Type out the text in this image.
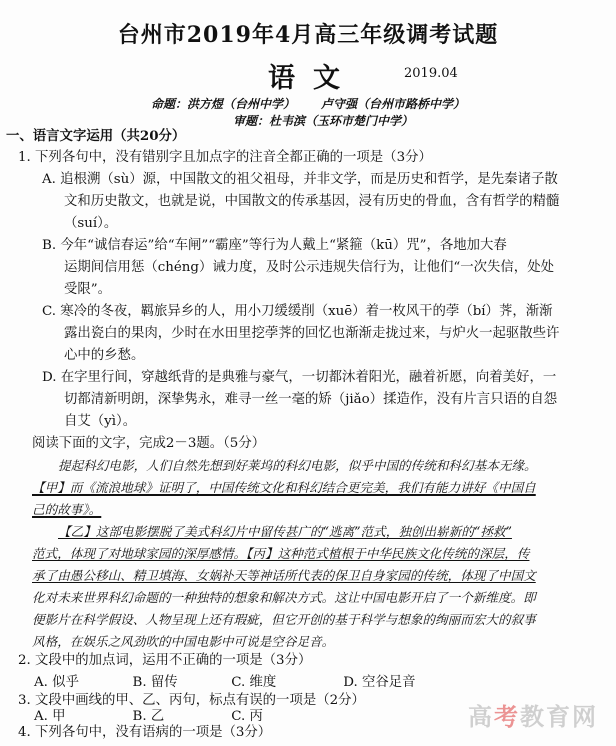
台州市2019年4月高三年级调考试题
语文	2019.04
命题：洪方煜（台州中学） 卢守强（台州市路桥中学）
审题：杜韦滨（玉环市楚门中学）
一、语言文字运用（共20分）
1. 下列各句中，没有错别字且加点字的注音全都正确的一项是（3分）
A. 追根溯（sù）源，中国散文的祖父祖母，并非文学，而是历史和哲学，是先秦诸子散
文和历史散文，也就是说，中国散文的传承基因，浸有历史的骨血，含有哲学的精髓
（suí）。
B. 今年“诚信春运”给“车闸”“霸座”等行为人戴上“紧箍（kū）咒”，各地加大春
运期间信用惩（chéng）诫力度，及时公示违规失信行为，让他们“一次失信，处处
受限”。
C. 寒冷的冬夜，羁旅异乡的人，用小刀缓缓削（xuē）着一枚风干的荸（bí）荠，渐渐
露出瓷白的果肉，少时在水田里挖荸荠的回忆也渐渐走拢过来，与炉火一起驱散些许
心中的乡愁。
D. 在字里行间，穿越纸背的是典雅与豪气，一切都沐着阳光，融着祈愿，向着美好，一
切都清新明朗，深挚隽永，难寻一丝一毫的矫（jiǎo）揉造作，没有片言只语的自怨
自艾（yì）。
阅读下面的文字，完成2－3题。（5分）
提起科幻电影，人们自然先想到好莱坞的科幻电影，似乎中国的传统和科幻基本无缘。
【甲】而《流浪地球》证明了，中国传统文化和科幻结合更完美，我们有能力讲好《中国自
己的故事》。
【乙】这部电影摆脱了美式科幻片中留传甚广的“逃离”范式，独创出崭新的“拯救”
范式，体现了对地球家园的深厚感情。【丙】这种范式植根于中华民族文化传统的深层，传
承了由愚公移山、精卫填海、女娲补天等神话所代表的保卫自身家园的传统，体现了中国文
化对未来世界科幻命题的一种独特的想象和解决方式。这让中国电影开启了一个新维度。即
便影片在科学假设、人物呈现上还有瑕疵，但它开创的基于科学与想象的绚丽而宏大的叙事
风格，在娱乐之风劲吹的中国电影中可说是空谷足音。
2. 文段中的加点词，运用不正确的一项是（3分）
A. 似乎　　　　B. 留传　　　　C. 维度　　　　　D. 空谷足音
3. 文段中画线的甲、乙、丙句，标点有误的一项是（2分）
A. 甲　　　　　B. 乙　　　　　C. 丙
4. 下列各句中，没有语病的一项是（3分）
高考教育网
